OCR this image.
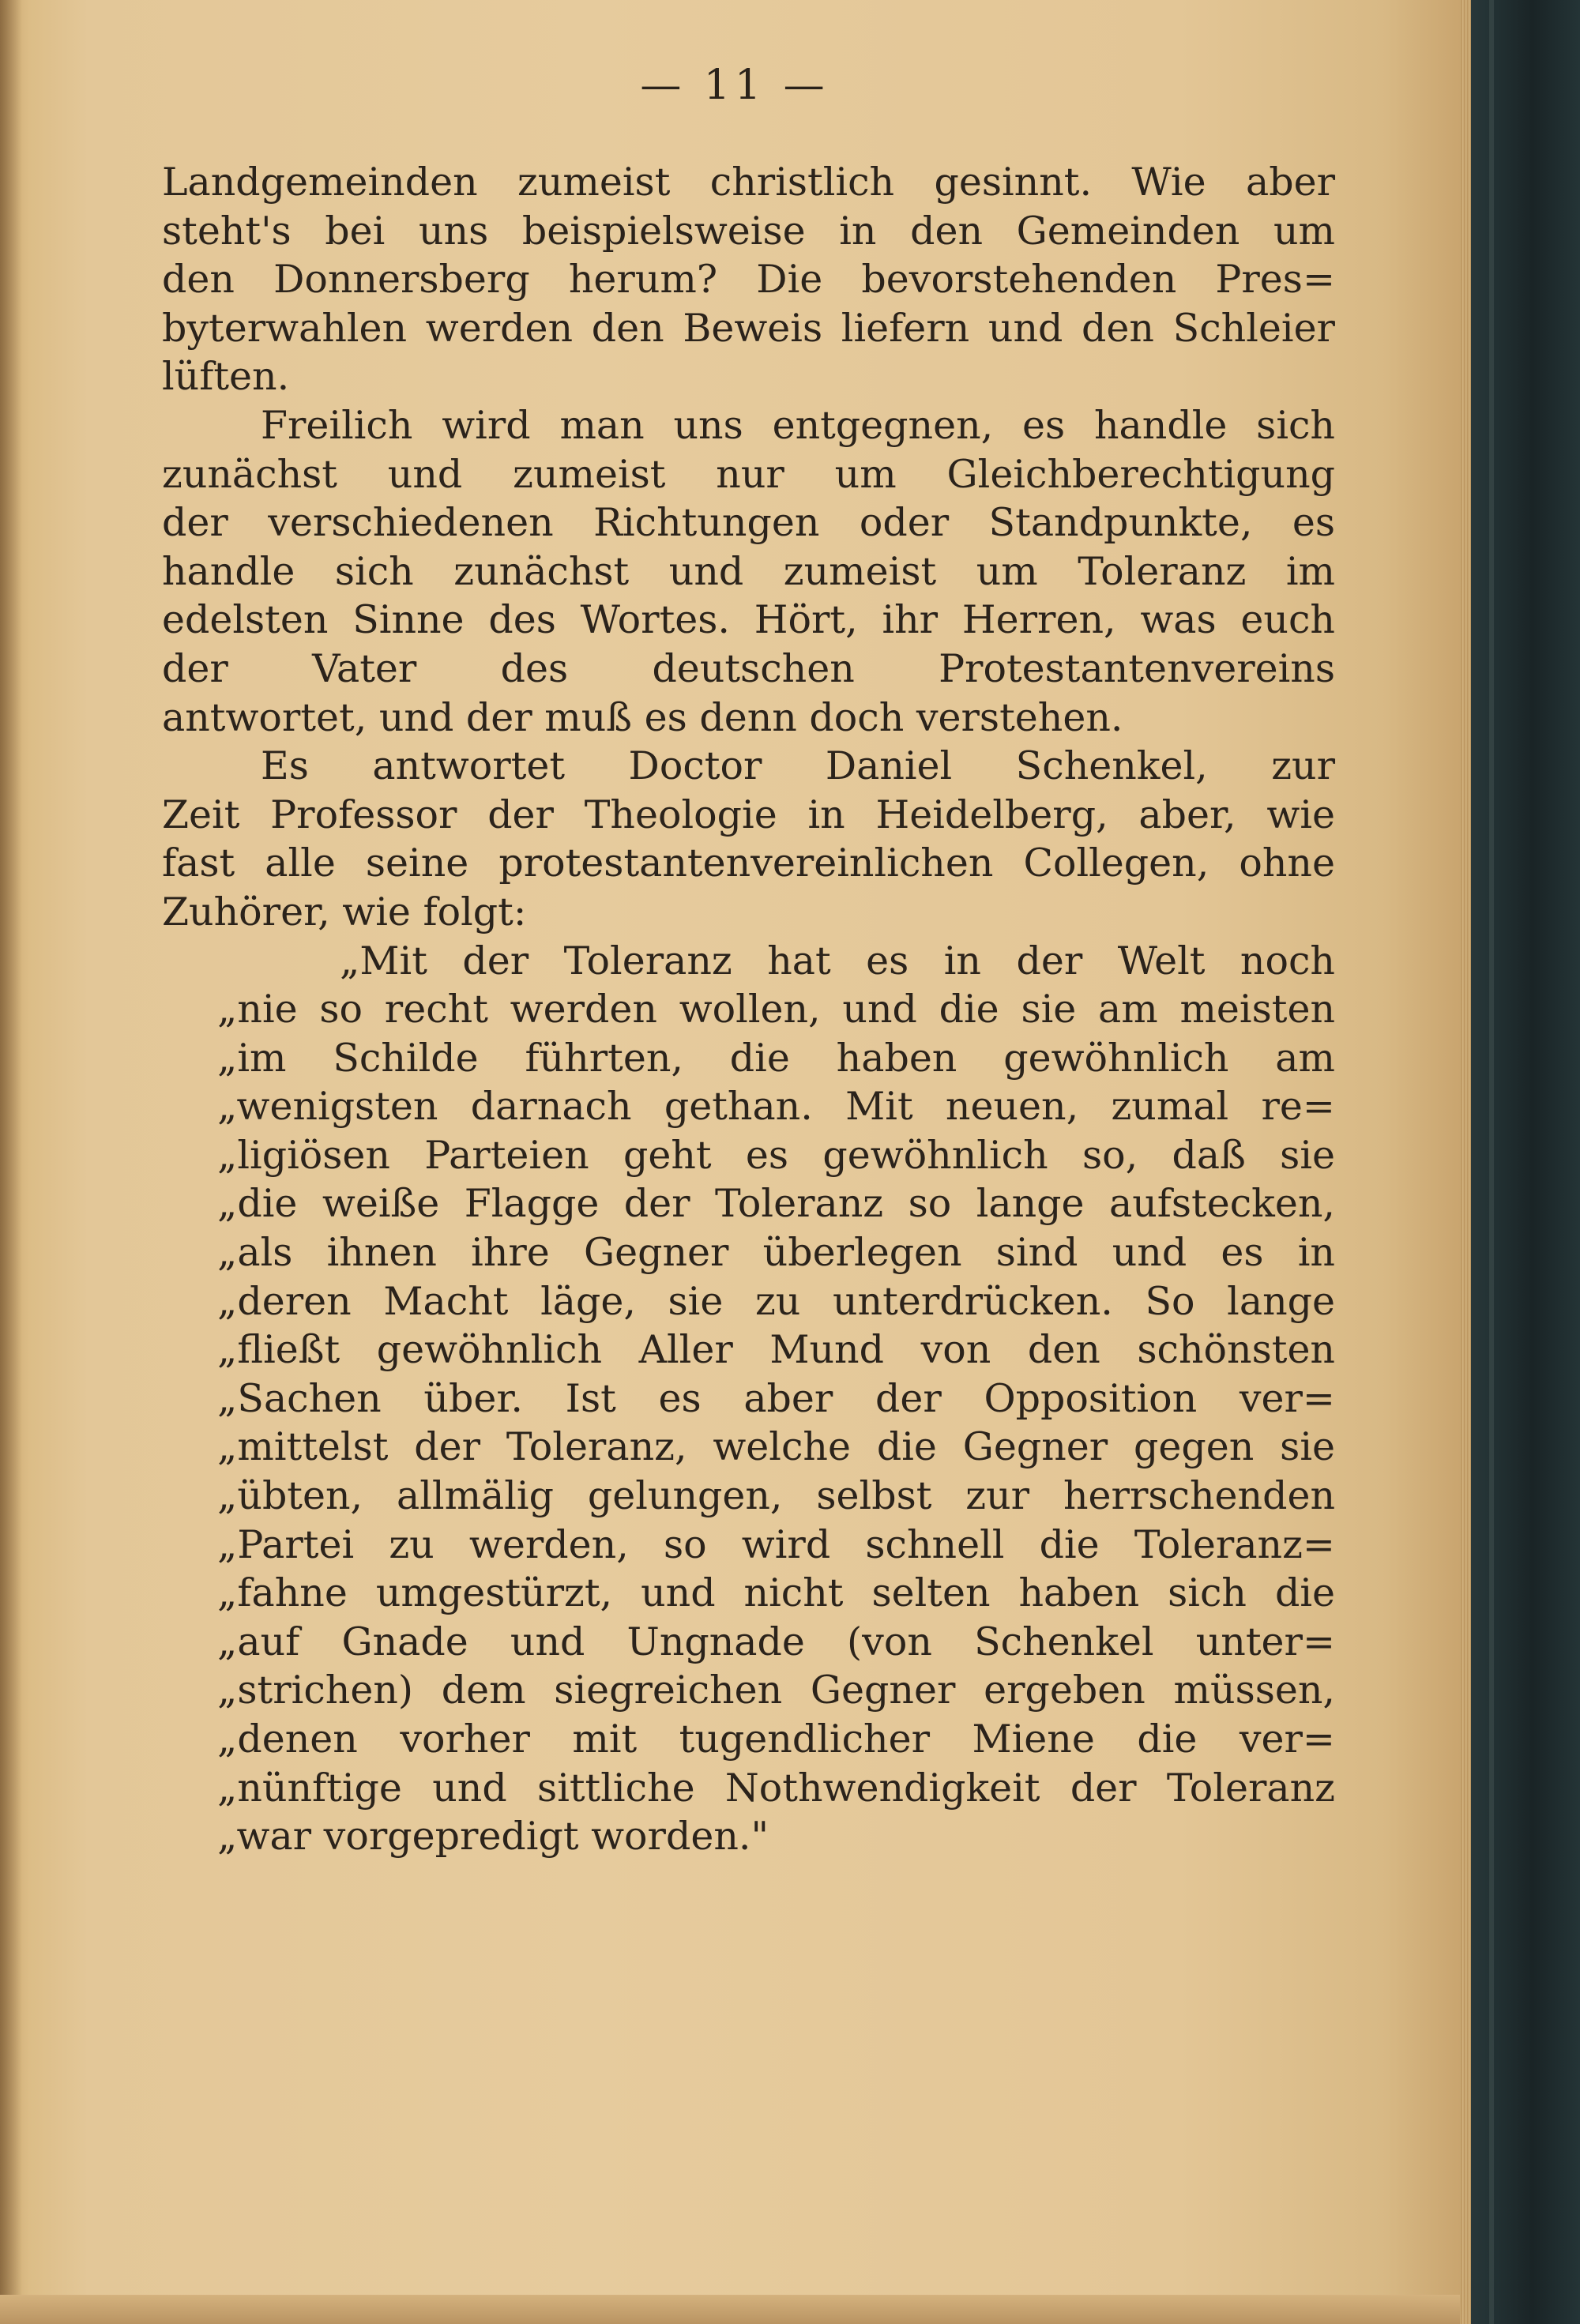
— 11 —
Landgemeinden zumeist christlich gesinnt. Wie aber
steht's bei uns beispielsweise in den Gemeinden um
den Donnersberg herum? Die bevorstehenden Pres=
byterwahlen werden den Beweis liefern und den Schleier
lüften.
Freilich wird man uns entgegnen, es handle sich
zunächst und zumeist nur um Gleichberechtigung
der verschiedenen Richtungen oder Standpunkte, es
handle sich zunächst und zumeist um Toleranz im
edelsten Sinne des Wortes. Hört, ihr Herren, was euch
der Vater des deutschen Protestantenvereins
antwortet, und der muß es denn doch verstehen.
Es antwortet Doctor Daniel Schenkel, zur
Zeit Professor der Theologie in Heidelberg, aber, wie
fast alle seine protestantenvereinlichen Collegen, ohne
Zuhörer, wie folgt:
„Mit der Toleranz hat es in der Welt noch
„nie so recht werden wollen, und die sie am meisten
„im Schilde führten, die haben gewöhnlich am
„wenigsten darnach gethan. Mit neuen, zumal re=
„ligiösen Parteien geht es gewöhnlich so, daß sie
„die weiße Flagge der Toleranz so lange aufstecken,
„als ihnen ihre Gegner überlegen sind und es in
„deren Macht läge, sie zu unterdrücken. So lange
„fließt gewöhnlich Aller Mund von den schönsten
„Sachen über. Ist es aber der Opposition ver=
„mittelst der Toleranz, welche die Gegner gegen sie
„übten, allmälig gelungen, selbst zur herrschenden
„Partei zu werden, so wird schnell die Toleranz=
„fahne umgestürzt, und nicht selten haben sich die
„auf Gnade und Ungnade (von Schenkel unter=
„strichen) dem siegreichen Gegner ergeben müssen,
„denen vorher mit tugendlicher Miene die ver=
„nünftige und sittliche Nothwendigkeit der Toleranz
„war vorgepredigt worden."
